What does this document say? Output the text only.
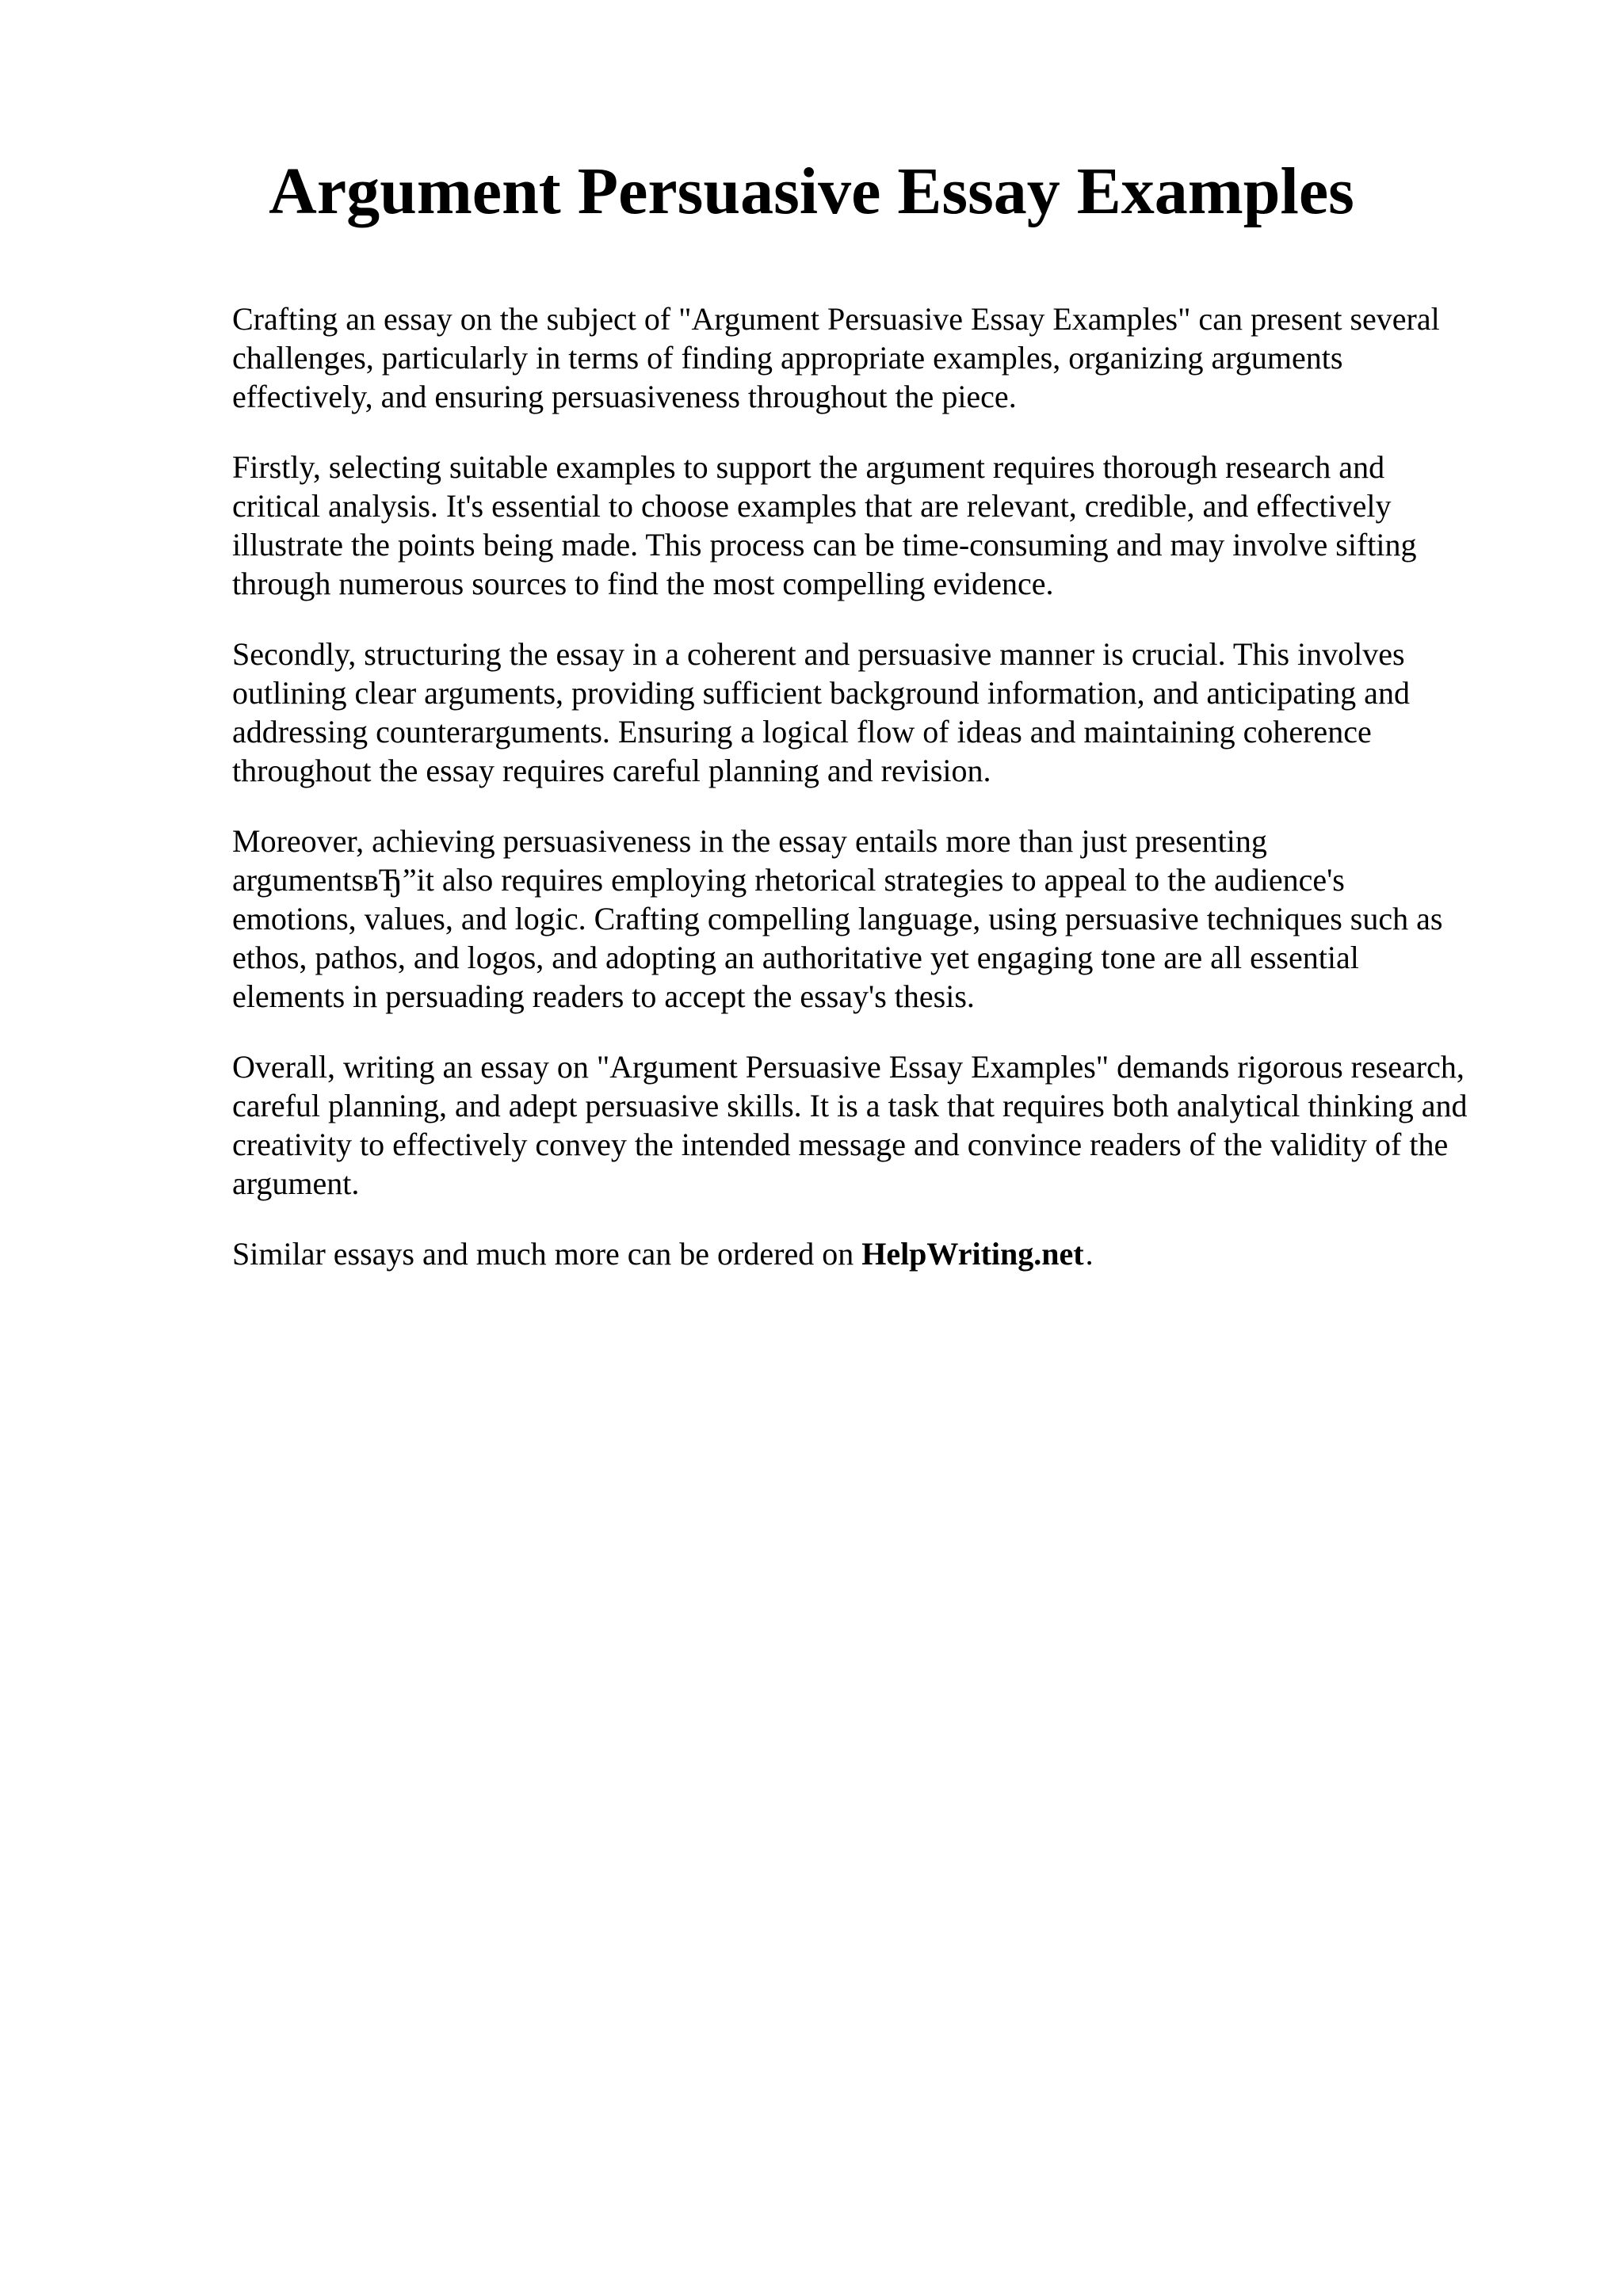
Argument Persuasive Essay Examples

Crafting an essay on the subject of "Argument Persuasive Essay Examples" can present several
challenges, particularly in terms of finding appropriate examples, organizing arguments
effectively, and ensuring persuasiveness throughout the piece.

Firstly, selecting suitable examples to support the argument requires thorough research and
critical analysis. It's essential to choose examples that are relevant, credible, and effectively
illustrate the points being made. This process can be time-consuming and may involve sifting
through numerous sources to find the most compelling evidence.

Secondly, structuring the essay in a coherent and persuasive manner is crucial. This involves
outlining clear arguments, providing sufficient background information, and anticipating and
addressing counterarguments. Ensuring a logical flow of ideas and maintaining coherence
throughout the essay requires careful planning and revision.

Moreover, achieving persuasiveness in the essay entails more than just presenting
argumentsвЂ”it also requires employing rhetorical strategies to appeal to the audience's
emotions, values, and logic. Crafting compelling language, using persuasive techniques such as
ethos, pathos, and logos, and adopting an authoritative yet engaging tone are all essential
elements in persuading readers to accept the essay's thesis.

Overall, writing an essay on "Argument Persuasive Essay Examples" demands rigorous research,
careful planning, and adept persuasive skills. It is a task that requires both analytical thinking and
creativity to effectively convey the intended message and convince readers of the validity of the
argument.

Similar essays and much more can be ordered on HelpWriting.net.
